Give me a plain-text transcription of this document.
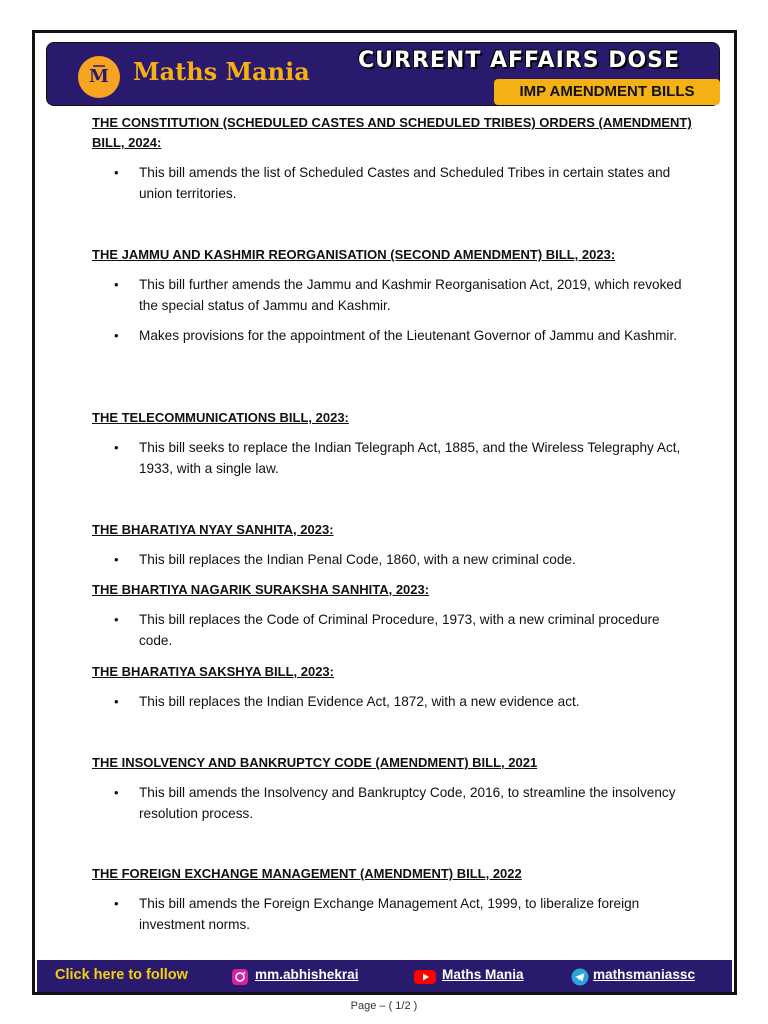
M Maths Mania CURRENT AFFAIRS DOSE
IMP AMENDMENT BILLS
THE CONSTITUTION (SCHEDULED CASTES AND SCHEDULED TRIBES) ORDERS (AMENDMENT) BILL, 2024:
• This bill amends the list of Scheduled Castes and Scheduled Tribes in certain states and union territories.
THE JAMMU AND KASHMIR REORGANISATION (SECOND AMENDMENT) BILL, 2023:
• This bill further amends the Jammu and Kashmir Reorganisation Act, 2019, which revoked the special status of Jammu and Kashmir.
• Makes provisions for the appointment of the Lieutenant Governor of Jammu and Kashmir.
THE TELECOMMUNICATIONS BILL, 2023:
• This bill seeks to replace the Indian Telegraph Act, 1885, and the Wireless Telegraphy Act, 1933, with a single law.
THE BHARATIYA NYAY SANHITA, 2023:
• This bill replaces the Indian Penal Code, 1860, with a new criminal code.
THE BHARTIYA NAGARIK SURAKSHA SANHITA, 2023:
• This bill replaces the Code of Criminal Procedure, 1973, with a new criminal procedure code.
THE BHARATIYA SAKSHYA BILL, 2023:
• This bill replaces the Indian Evidence Act, 1872, with a new evidence act.
THE INSOLVENCY AND BANKRUPTCY CODE (AMENDMENT) BILL, 2021
• This bill amends the Insolvency and Bankruptcy Code, 2016, to streamline the insolvency resolution process.
THE FOREIGN EXCHANGE MANAGEMENT (AMENDMENT) BILL, 2022
• This bill amends the Foreign Exchange Management Act, 1999, to liberalize foreign investment norms.
Click here to follow	mm.abhishekrai	Maths Mania	mathsmaniassc
Page – ( 1/2 )
